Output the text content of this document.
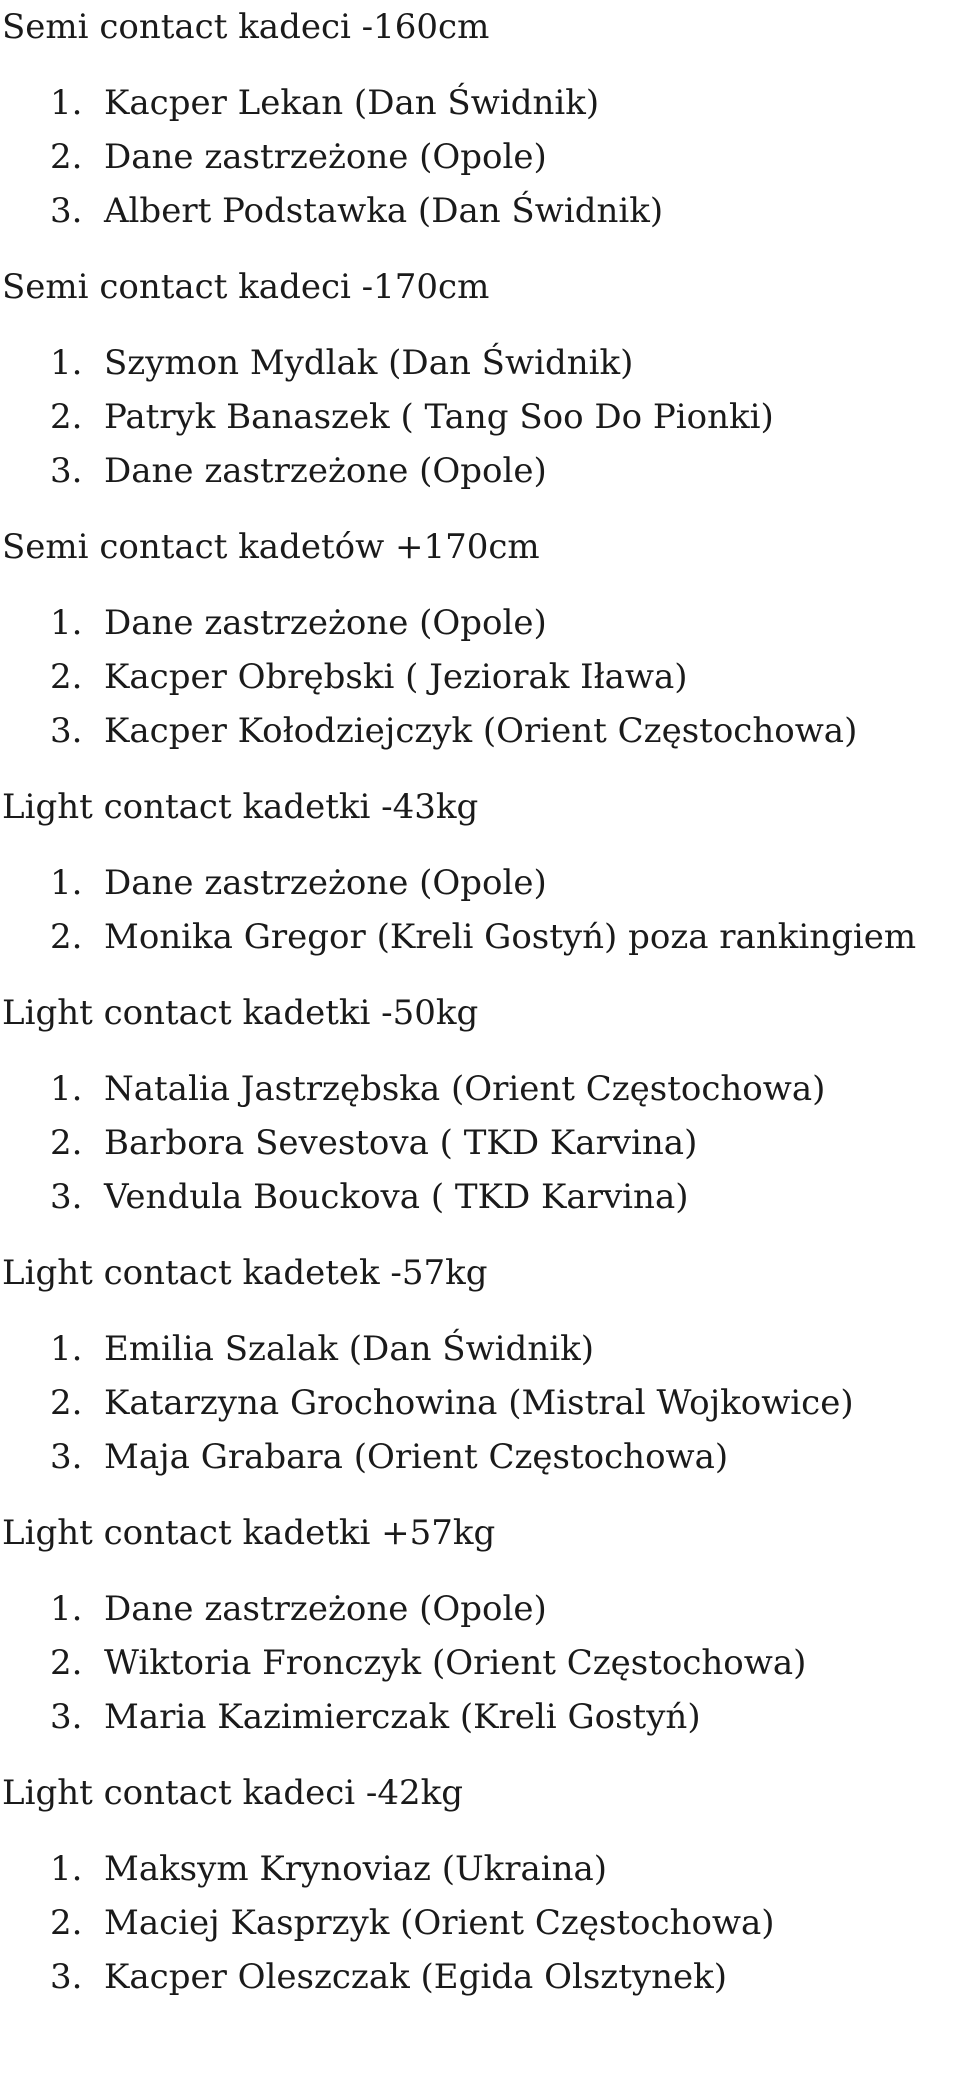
Semi contact kadeci -160cm
1. Kacper Lekan (Dan Świdnik)
2. Dane zastrzeżone (Opole)
3. Albert Podstawka (Dan Świdnik)
Semi contact kadeci -170cm
1. Szymon Mydlak (Dan Świdnik)
2. Patryk Banaszek ( Tang Soo Do Pionki)
3. Dane zastrzeżone (Opole)
Semi contact kadetów +170cm
1. Dane zastrzeżone (Opole)
2. Kacper Obrębski ( Jeziorak Iława)
3. Kacper Kołodziejczyk (Orient Częstochowa)
Light contact kadetki -43kg
1. Dane zastrzeżone (Opole)
2. Monika Gregor (Kreli Gostyń) poza rankingiem
Light contact kadetki -50kg
1. Natalia Jastrzębska (Orient Częstochowa)
2. Barbora Sevestova ( TKD Karvina)
3. Vendula Bouckova ( TKD Karvina)
Light contact kadetek -57kg
1. Emilia Szalak (Dan Świdnik)
2. Katarzyna Grochowina (Mistral Wojkowice)
3. Maja Grabara (Orient Częstochowa)
Light contact kadetki +57kg
1. Dane zastrzeżone (Opole)
2. Wiktoria Fronczyk (Orient Częstochowa)
3. Maria Kazimierczak (Kreli Gostyń)
Light contact kadeci -42kg
1. Maksym Krynoviaz (Ukraina)
2. Maciej Kasprzyk (Orient Częstochowa)
3. Kacper Oleszczak (Egida Olsztynek)
